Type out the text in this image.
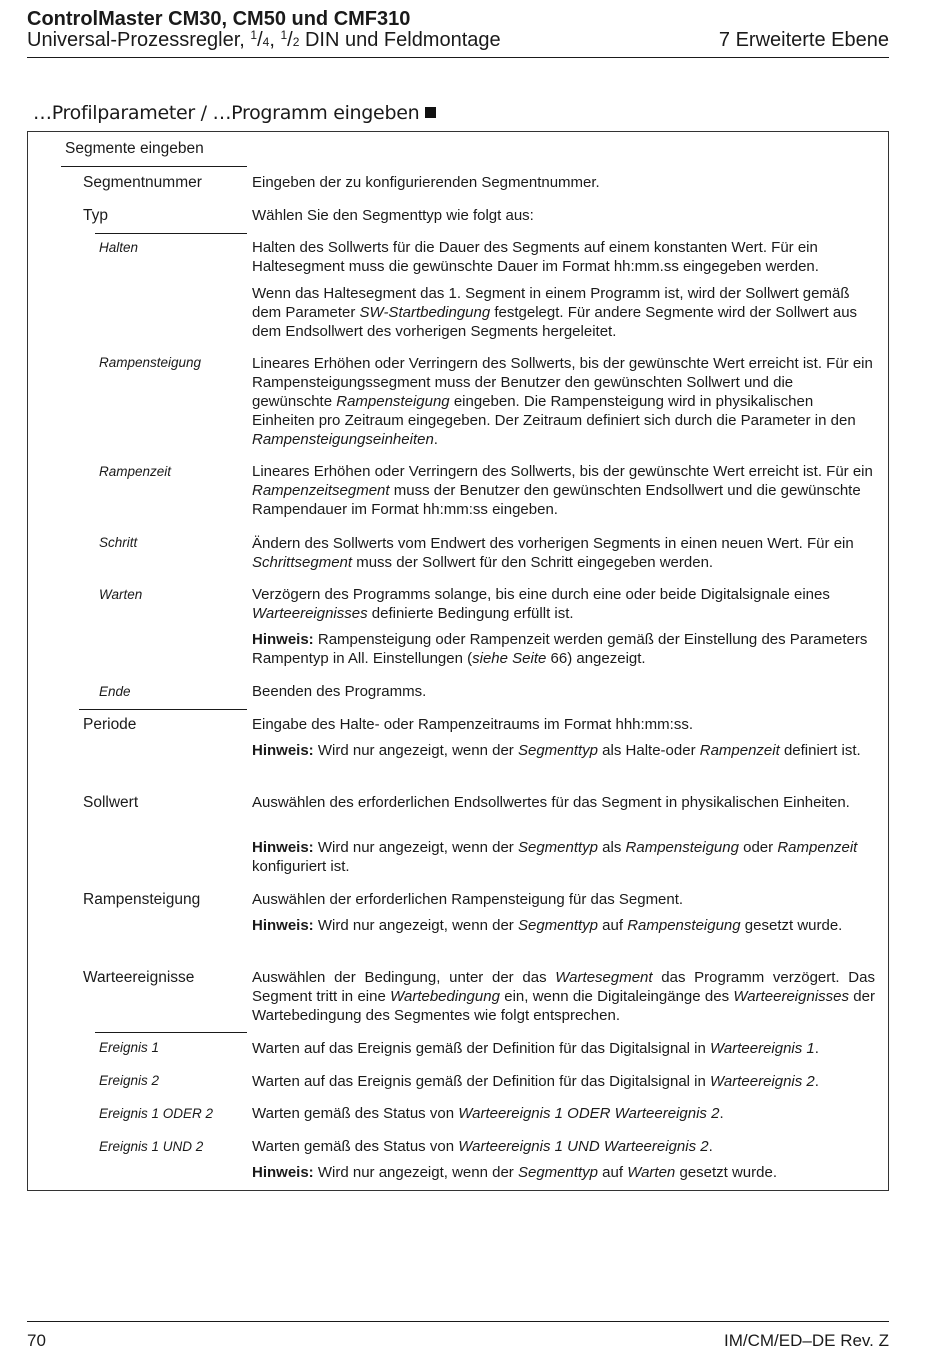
ControlMaster CM30, CM50 und CMF310
Universal-Prozessregler, $^1$/4, $^1$/2 DIN und Feldmontage	7 Erweiterte Ebene
…Profilparameter / …Programm eingeben
Segmente eingeben
Segmentnummer	Eingeben der zu konfigurierenden Segmentnummer.
Typ	Wählen Sie den Segmenttyp wie folgt aus:
Halten	Halten des Sollwerts für die Dauer des Segments auf einem konstanten Wert. Für ein Haltesegment muss die gewünschte Dauer im Format hh:mm.ss eingegeben werden.
Wenn das Haltesegment das 1. Segment in einem Programm ist, wird der Sollwert gemäß dem Parameter SW-Startbedingung festgelegt. Für andere Segmente wird der Sollwert aus dem Endsollwert des vorherigen Segments hergeleitet.
Rampensteigung	Lineares Erhöhen oder Verringern des Sollwerts, bis der gewünschte Wert erreicht ist. Für ein Rampensteigungssegment muss der Benutzer den gewünschten Sollwert und die gewünschte Rampensteigung eingeben. Die Rampensteigung wird in physikalischen Einheiten pro Zeitraum eingegeben. Der Zeitraum definiert sich durch die Parameter in den Rampensteigungseinheiten.
Rampenzeit	Lineares Erhöhen oder Verringern des Sollwerts, bis der gewünschte Wert erreicht ist. Für ein Rampenzeitsegment muss der Benutzer den gewünschten Endsollwert und die gewünschte Rampendauer im Format hh:mm:ss eingeben.
Schritt	Ändern des Sollwerts vom Endwert des vorherigen Segments in einen neuen Wert. Für ein Schrittsegment muss der Sollwert für den Schritt eingegeben werden.
Warten	Verzögern des Programms solange, bis eine durch eine oder beide Digitalsignale eines Warteereignisses definierte Bedingung erfüllt ist.
Hinweis: Rampensteigung oder Rampenzeit werden gemäß der Einstellung des Parameters Rampentyp in All. Einstellungen (siehe Seite 66) angezeigt.
Ende	Beenden des Programms.
Periode	Eingabe des Halte- oder Rampenzeitraums im Format hhh:mm:ss.
Hinweis: Wird nur angezeigt, wenn der Segmenttyp als Halte-oder Rampenzeit definiert ist.
Sollwert	Auswählen des erforderlichen Endsollwertes für das Segment in physikalischen Einheiten.
Hinweis: Wird nur angezeigt, wenn der Segmenttyp als Rampensteigung oder Rampenzeit konfiguriert ist.
Rampensteigung	Auswählen der erforderlichen Rampensteigung für das Segment.
Hinweis: Wird nur angezeigt, wenn der Segmenttyp auf Rampensteigung gesetzt wurde.
Warteereignisse	Auswählen der Bedingung, unter der das Wartesegment das Programm verzögert. Das Segment tritt in eine Wartebedingung ein, wenn die Digitaleingänge des Warteereignisses der Wartebedingung des Segmentes wie folgt entsprechen.
Ereignis 1	Warten auf das Ereignis gemäß der Definition für das Digitalsignal in Warteereignis 1.
Ereignis 2	Warten auf das Ereignis gemäß der Definition für das Digitalsignal in Warteereignis 2.
Ereignis 1 ODER 2	Warten gemäß des Status von Warteereignis 1 ODER Warteereignis 2.
Ereignis 1 UND 2	Warten gemäß des Status von Warteereignis 1 UND Warteereignis 2.
Hinweis: Wird nur angezeigt, wenn der Segmenttyp auf Warten gesetzt wurde.
70	IM/CM/ED–DE Rev. Z
